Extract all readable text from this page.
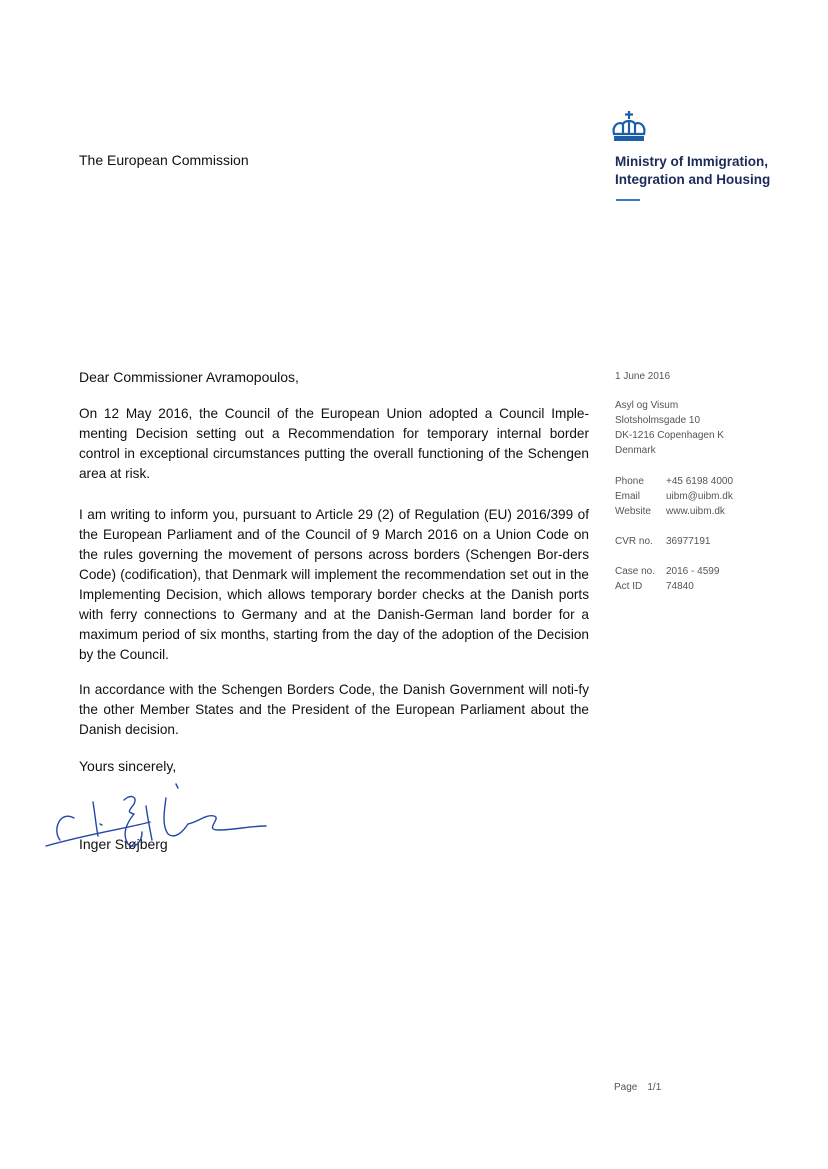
The European Commission	Ministry of Immigration,
Integration and Housing
Dear Commissioner Avramopoulos,
On 12 May 2016, the Council of the European Union adopted a Council Imple-menting Decision setting out a Recommendation for temporary internal border control in exceptional circumstances putting the overall functioning of the Schengen area at risk.
I am writing to inform you, pursuant to Article 29 (2) of Regulation (EU) 2016/399 of the European Parliament and of the Council of 9 March 2016 on a Union Code on the rules governing the movement of persons across borders (Schengen Bor-ders Code) (codification), that Denmark will implement the recommendation set out in the Implementing Decision, which allows temporary border checks at the Danish ports with ferry connections to Germany and at the Danish-German land border for a maximum period of six months, starting from the day of the adoption of the Decision by the Council.
In accordance with the Schengen Borders Code, the Danish Government will noti-fy the other Member States and the President of the European Parliament about the Danish decision.
Yours sincerely,
Inger Støjberg
1 June 2016
Asyl og Visum
Slotsholmsgade 10
DK-1216 Copenhagen K
Denmark
Phone	+45 6198 4000
Email	uibm@uibm.dk
Website	www.uibm.dk
CVR no.	36977191
Case no.	2016 - 4599
Act ID	74840
Page 1/1
